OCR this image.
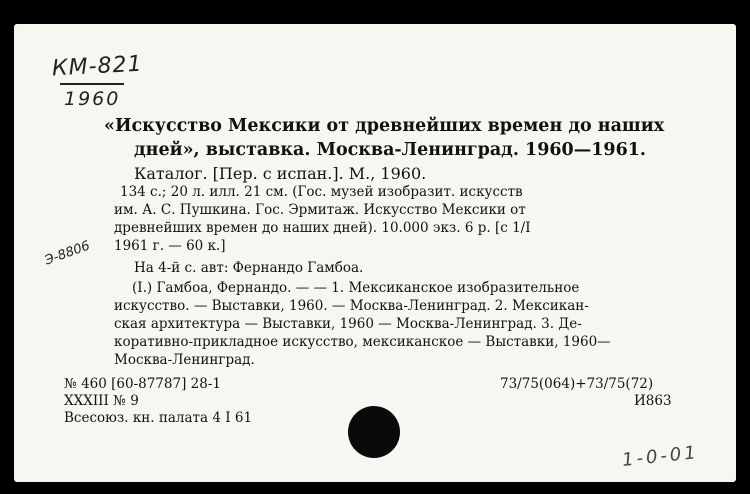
КМ-821
1960
Э-8806
«Искусство Мексики от древнейших времен до наших
дней», выставка. Москва-Ленинград. 1960—1961.
Каталог. [Пер. с испан.]. М., 1960.
134 с.; 20 л. илл. 21 см. (Гос. музей изобразит. искусств
им. А. С. Пушкина. Гос. Эрмитаж. Искусство Мексики от
древнейших времен до наших дней). 10.000 экз. 6 р. [с 1/I
1961 г. — 60 к.]
На 4-й с. авт: Фернандо Гамбоа.
(I.) Гамбоа, Фернандо. — — 1. Мексиканское изобразительное
искусство. — Выставки, 1960. — Москва-Ленинград. 2. Мексикан-
ская архитектура — Выставки, 1960 — Москва-Ленинград. 3. Де-
коративно-прикладное искусство, мексиканское — Выставки, 1960—
Москва-Ленинград.
№ 460 [60-87787] 28-1
XXXIII № 9
Всесоюз. кн. палата 4 I 61
73/75(064)+73/75(72)
И863
1-0-01
